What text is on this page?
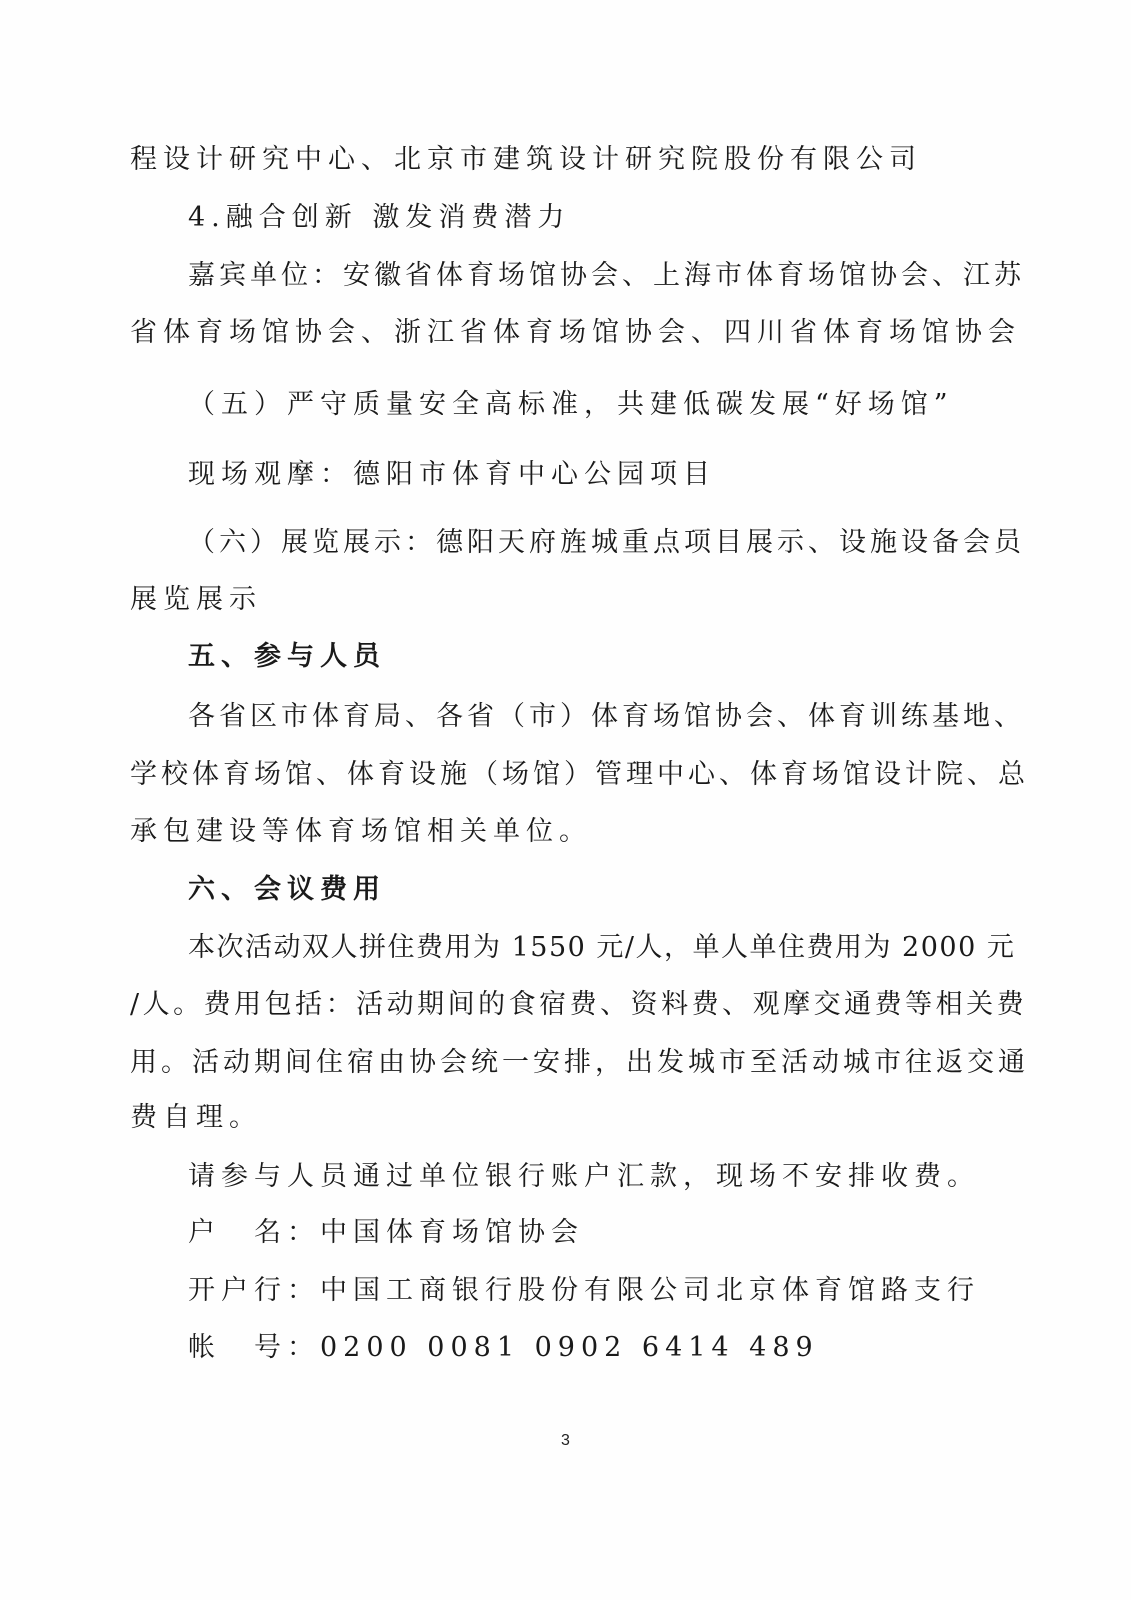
程设计研究中心、北京市建筑设计研究院股份有限公司
4.融合创新 激发消费潜力
嘉宾单位：安徽省体育场馆协会、上海市体育场馆协会、江苏
省体育场馆协会、浙江省体育场馆协会、四川省体育场馆协会
（五）严守质量安全高标准，共建低碳发展“好场馆”
现场观摩：德阳市体育中心公园项目
（六）展览展示：德阳天府旌城重点项目展示、设施设备会员
展览展示
五、参与人员
各省区市体育局、各省（市）体育场馆协会、体育训练基地、
学校体育场馆、体育设施（场馆）管理中心、体育场馆设计院、总
承包建设等体育场馆相关单位。
六、会议费用
本次活动双人拼住费用为 1550 元/人，单人单住费用为 2000 元
/人。费用包括：活动期间的食宿费、资料费、观摩交通费等相关费
用。活动期间住宿由协会统一安排，出发城市至活动城市往返交通
费自理。
请参与人员通过单位银行账户汇款，现场不安排收费。
户　名：中国体育场馆协会
开户行：中国工商银行股份有限公司北京体育馆路支行
帐　号：0200 0081 0902 6414 489
3
